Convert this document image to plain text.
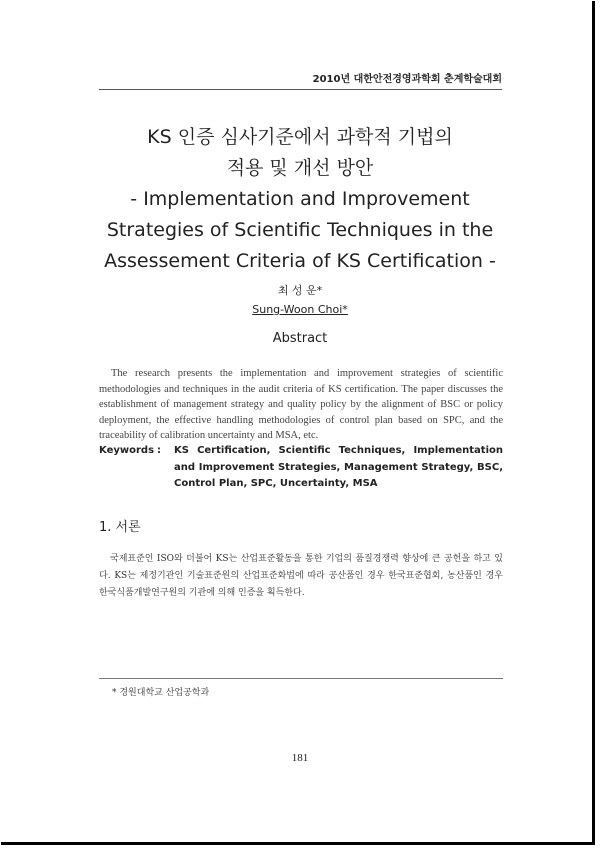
2010년 대한안전경영과학회 춘계학술대회
KS 인증 심사기준에서 과학적 기법의
적용 및 개선 방안
- Implementation and Improvement
Strategies of Scientific Techniques in the
Assessement Criteria of KS Certification -
최 성 운*
Sung-Woon Choi*
Abstract
The research presents the implementation and improvement strategies of scientific methodologies and techniques in the audit criteria of KS certification. The paper discusses the establishment of management strategy and quality policy by the alignment of BSC or policy deployment, the effective handling methodologies of control plan based on SPC, and the traceability of calibration uncertainty and MSA, etc.
Keywords :	KS Certification, Scientific Techniques, Implementation and Improvement Strategies, Management Strategy, BSC, Control Plan, SPC, Uncertainty, MSA
1. 서론
국제표준인 ISO와 더불어 KS는 산업표준활동을 통한 기업의 품질경쟁력 향상에 큰 공헌을 하고 있다. KS는 제정기관인 기술표준원의 산업표준화법에 따라 공산품인 경우 한국표준협회, 농산품인 경우 한국식품개발연구원의 기관에 의해 인증을 획득한다.
* 경원대학교 산업공학과
181
